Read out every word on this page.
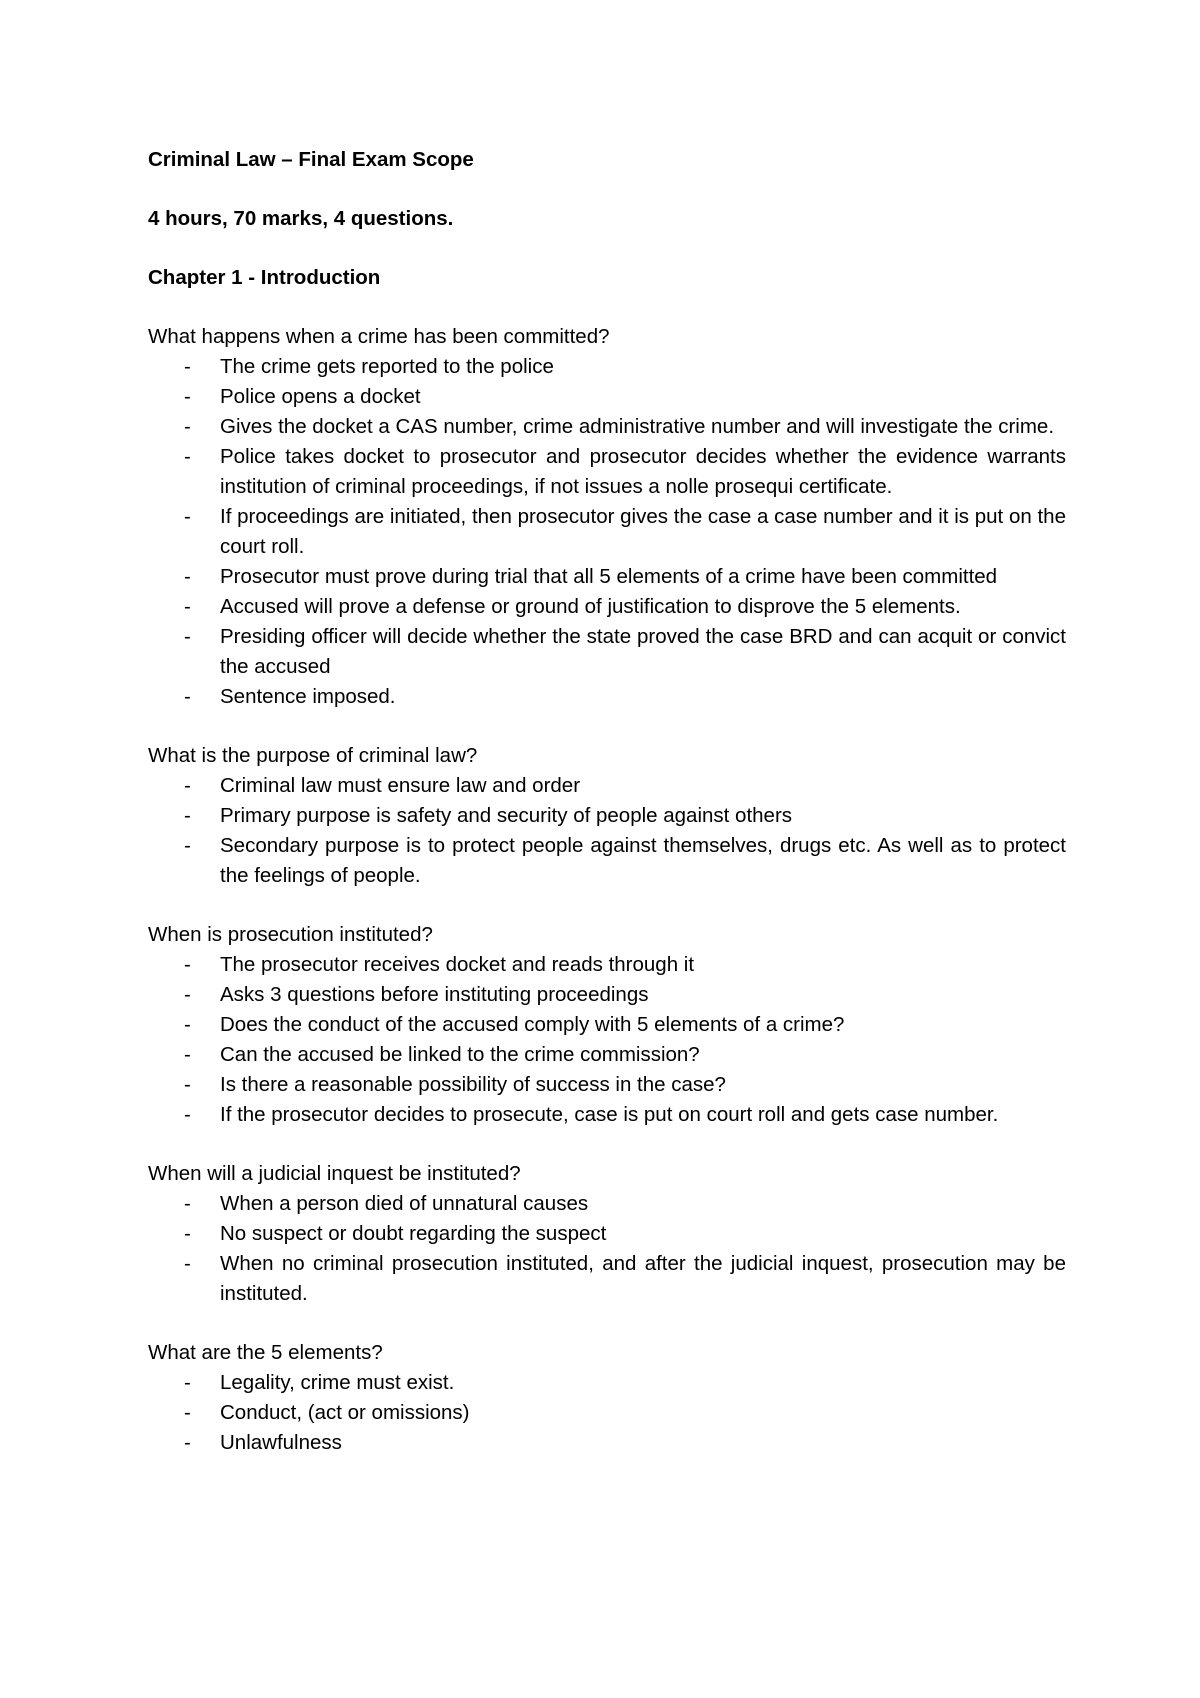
Criminal Law – Final Exam Scope

4 hours, 70 marks, 4 questions.

Chapter 1 - Introduction

What happens when a crime has been committed?

- The crime gets reported to the police
- Police opens a docket
- Gives the docket a CAS number, crime administrative number and will investigate the crime.
- Police takes docket to prosecutor and prosecutor decides whether the evidence warrants institution of criminal proceedings, if not issues a nolle prosequi certificate.
- If proceedings are initiated, then prosecutor gives the case a case number and it is put on the court roll.
- Prosecutor must prove during trial that all 5 elements of a crime have been committed
- Accused will prove a defense or ground of justification to disprove the 5 elements.
- Presiding officer will decide whether the state proved the case BRD and can acquit or convict the accused
- Sentence imposed.

What is the purpose of criminal law?

- Criminal law must ensure law and order
- Primary purpose is safety and security of people against others
- Secondary purpose is to protect people against themselves, drugs etc. As well as to protect the feelings of people.

When is prosecution instituted?

- The prosecutor receives docket and reads through it
- Asks 3 questions before instituting proceedings
- Does the conduct of the accused comply with 5 elements of a crime?
- Can the accused be linked to the crime commission?
- Is there a reasonable possibility of success in the case?
- If the prosecutor decides to prosecute, case is put on court roll and gets case number.

When will a judicial inquest be instituted?

- When a person died of unnatural causes
- No suspect or doubt regarding the suspect
- When no criminal prosecution instituted, and after the judicial inquest, prosecution may be instituted.

What are the 5 elements?

- Legality, crime must exist.
- Conduct, (act or omissions)
- Unlawfulness
